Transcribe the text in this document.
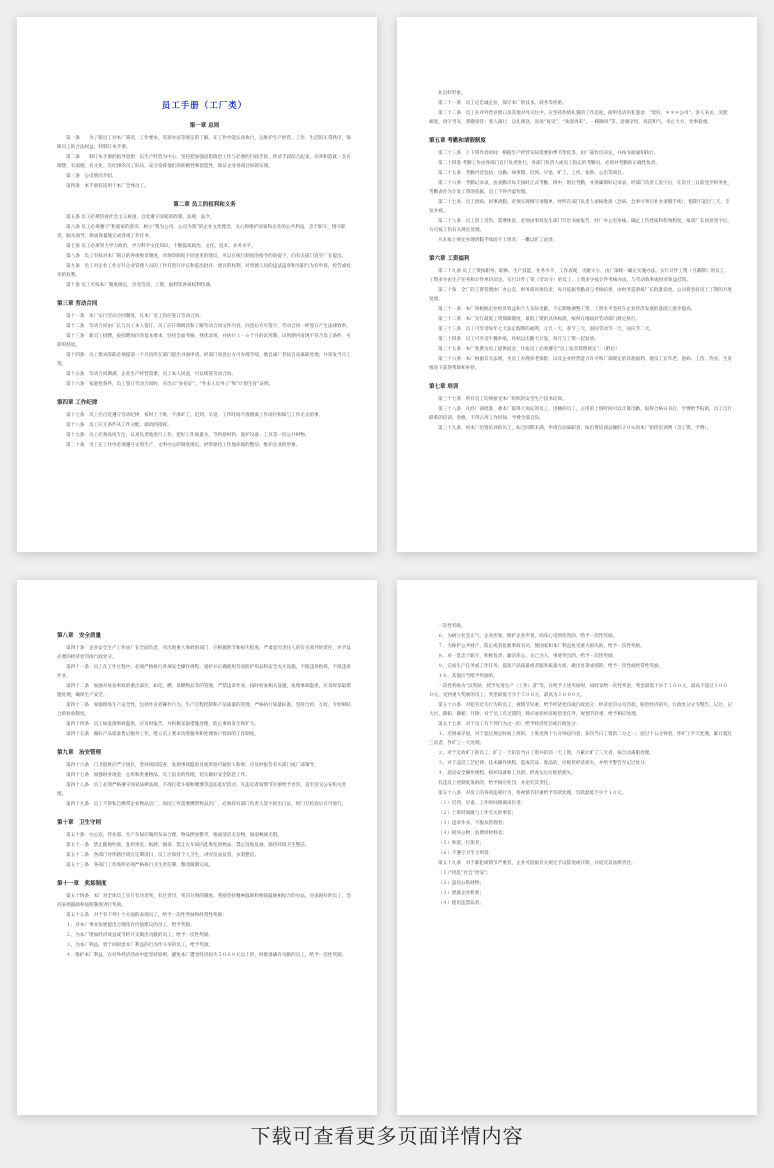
员工手册（工厂类）
第一章 总则
第一条　　为了使员工对本厂简况、工作要求、奖惩办法等规定的了解，在工作中能认真执行，以推护生产经营、工作、生活的正常秩序，保障员工的合法权益，特制订本手册。
第二条　　制订本手册的指导思想：以生产经营为中心，坚持把加强思想政治工作与必要的行政手段、经济手段结合起来，培养和造就一支有理想、有道德、有文化、有纪律的员工队伍，充分发挥他们的积极性和创造性，保证企业各项目标的实现。
第三条　公司情况介绍。
第四条　本手册仅适用于本厂全体员工。
第二章 员工的权利和义务
第五条 员工必须热爱社会主义祖国，自觉遵守国家的政策、法规、法令。
第六条 员工必须遵守“和爱家的意识，树立“我为公司，公司为我”的企业文化理念，关心和维护国家和企业的公共利益，忠于职守，恪守职责，服从领导，保质保量地完成各项工作任务。
第七条 员工必须努力学习政治，学习科学文化知识，不断提高政治、文化、技术、业务水平。
第八条　员工有权对本厂制订的各项规章制度，对现章制度不同意见的建议，可以在执行制度的指令的前提下，向有关部门直至厂长提出。
第九条　员工对企业工作方针企业管理人员的工作有进行评议和提出批评、建议的权利，对贤德人员的违法违章和失职行为有申诉、控告或检举的权利。
第十条 员工可按本厂制度规定，享受劳动、工资、福利等各项权利待遇。
第三章 劳动合同
第十一条　本厂实行劳动合同制度，凡本厂员工均应签订劳动合同。
第十二条　劳动合同由厂长与员工本人签订，员工应仔细阅读和了解劳动合同文件内容，同意后方可签字，劳动合同一经签订产生法律效率。
第十三条　新员工招聘，按招聘岗位的基本要求，坚持全面考核，择优录用，并执行３－６个月的试用期，试用期内发现不符合员工条件，可即时辞退。
第十四条　员工要求辞职必须提前一个月向所在部门提出书面申请，经部门同意后方可办理手续，擅自离厂者按自动离职处理，并扣发当月工资。
第十五条　劳动合同期满，企业生产经营需要，员工本人同意，可以续签劳动合同。
第十六条　家庭性条件，员工签订劳动合同时，应出示“身份证”、“外来人员务工”和“计划生育”证明。
第四章 工作纪律
第十七条　员工应自觉遵守劳动纪律，按时上下班，不准旷工，迟到、早退，工作时间不准擅离工作岗位和做与工作无关的事。
第十八条　员工应无条件从工作分配，调动的指挥。
第十九条　员工必须高度专注，认真负责地进行工作，把好工作质量关，节约原材料，爱护设备、工具等一切公共财物。
第二十条　员工在工作中必须遵守文明生产、文明办公的制度规定，经常保持工作地环境的整洁，维护企业的形象。
业良好形象。
第二十一条　员工应忠诚企业，保守本厂的技术、商务等机密。
第二十二条　员工在对外营业窗口及其他对外交往中，应坚持热情礼貌的工作态度，接听电话用礼貌语：“您好，＊＊＊公司”，客人来访，笑脸相迎，请字当先，恭敬接待；客人离行，以礼相送，说说“再见”、“欢迎再来”。一路顺风”等，语调亲切，说话和气，举止大方，处事稳重。
第五章 考勤和请假制度
第二十三条　上下班作息时间：根据生产经营实际需要和季节变化等，由厂部作出决定，并按书面通知执行。
第二十四条 考勤工作由各部门自行负责进行，各部门负责人或员工指定的考勤员，必须对考勤的正确性负责。
第二十五条　考勤内容包括：出勤、病事假、迟到、早退、旷工、工伤、加班、公出等项目。
第二十六条　考勤记录表，由表勤员每天按时正式考勤，班中，班后考勤，并准确填好记录表，经部门负责人签字后，在次月三日前送至财务处，考勤表作为计发工资的依据，员工不得弄虚作假。
第二十七条　员工因病、因事请假，必须实现填写请假单，经所在部门负责人审核批准（急病、急事可事后补办请假手续），假期不超过三天，专发并被。
第二十八条　员工因工受伤，需要休息，必须由事故发生部门写出书面报告，经厂办公室审核，确定工伤性质和伤残程度，报请厂长同意签字后，方可按工伤有关规定处理。
凡未按上规定办理请假手续而不上班者，一概以旷工论处。
第六章 工资福利
第二十九条 员工工资按职务、职称、生产技能、业务水平，工作表现，贡献大小，由厂部统一确定实施办法。实行计件工资（月薪制）的员工，工资多少由生产任务和计件单价决定，实行计件工资（劳动分）的员工，工资多少按计件考核办法，与劳动效率或经济效益挂钩。
第三十条　全厂的工资管理由厂办公室，财务部具体负责，每月依据考勤表与考核结果，由财务造册按厂长批准发放，公司将坚持员工工资的月度发放。
第三十一条　本厂将根据企业经济效益和个人实际贡献，不定期地调整工资，工资水平坚持在企业经济发展的基础上逐步提高。
第三十二条　本厂实行最低工资保障制度，最低工资的具体标准，按所在地政府劳动部门规定执行。
第三十三条　员工可享受每年七天法定假期的福利，元旦一天，春节三天，国际劳动节一天，国庆节二天。
第三十四条　员工可享受午餐补贴，补贴以出勤天计发，每月与工资一起发放。
第三十五条　本厂免费为员工提供宿舍，住宿员工必须遵守“员工宿舍管理规定”。（附后）
第三十六条　本厂根据有关法规，为员工办理养老保险，以及企业经营能力许可和厂部规定的其他福利，使员工在年老、患病、工伤、待业、生育情况下获得帮助和补偿。
第七章 培训
第三十七条　所有员工均须接受本厂组织的安全生产技术培训。
第三十八条　凡经厂部批准，委本厂取得上岗证的员工，进修的员工，占用的上班时间可以计算出勤，取得合格证书后，学费给予报销，员工自行联系的培训、进修，不得占用工作时间，学费全部自负。
第三十九条　经本厂出资培训的员工，如合同期未满，申请自动离职者，按出资培训总额的２０％向本厂赔偿培训费（含工资、学费）。
第八章　安全质量
第四十条　企业安全生产工作由厂长全面负责，对出现重大事故的部门，应根据情节和损失程度，严肃追究责任人的有关领导的责任，并予以必要的经济处罚或行政处分。
第四十一条　员工在工作过程中，必须严格执行各项安全操作规程，爱护并正确使用劳动防护用品和安全灭火设施，不准违章指挥，不准违章作业。
第四十二条　加强对易发事故的重点部位，如电、燃、易燃物品等的管理，严禁违章作业，按时检查相关设施，发现事故隐患，应及时采取措施处理，确保生产安全。
第四十三条　加强现场生产安全性，包括作业者操作行为、生产过程控制和产品质量的管理，严格执行质量标准，坚持自检、互检、专检相结合的检验制度。
第四十四条　员工如发现事故隐患，应及时报告，并积极采取措施处理，防止事故发生和扩大。
第四十五条　做好产品质量售后服务工作，建立员工要求改进服务和处理客户投诉的工作制度。
第九章　治安管理
第四十六条　门卫值班应严守岗位，坚持夜间巡查，发现事故隐患及或形迹可疑的人和事，应及时报告有关部门或厂部领导。
第四十七条　加强财务现金、仓库和贵重物品、员工宿舍的管理，切实做好安全防范工作。
第四十八条　员工必须严格遵守国家法律法规，不准打架斗殴和赌博等违法乱纪活动，凡违反者按情节轻重给予处罚，直至送交公安机关处理。
第四十九条　员工不得私自携带企业物品出厂，如因工作需要携带物品出厂，必须持有部门负责人签字的出门证，经门卫检查后方可放行。
第十章　卫生守则
第五十条　办公室、营业部、生产车间应做到布局合理，物品摆放整齐，地面清洁无杂物，通道畅通无阻。
第五十一条　禁止随地吐痰、乱扔果皮、纸屑、烟蒂、禁止在车间内乱堆乱放物品，禁止乱贴乱画，保持环境卫生整洁。
第五十二条　各部门对所辖区域应定期清扫，员工应保持个人卫生，讲究仪表仪容，衣着整洁。
第五十三条　各部门工作场所必须严格执行卫生责任制，整改限期完成。
第十一章　奖惩制度
第五十四条　本厂对全体员工实行有功者奖，有过者罚，奖罚分明的制度。奖励坚持精神鼓励和物质鼓励相结合的办法，对表现好的员工，坚持表扬鼓励和按照制度进行奖励。
第五十五条　对于有下列十个方面的表现员工，给予一次性奖励和经常性奖励：
１、对本厂事业发展提出合理化有价值建议的员工，给予奖励。
２、为本厂增加经济效益或节约开支做出贡献的员工，给予一次性奖励。
３、为本厂利益，勇于同损害本厂利益的行为作斗争的员工，给予奖励。
４、维护本厂利益，在对外经济活动中能坚持原则，避免本厂遭受经济损失５０００元以上的，经批准确有贡献的员工，给予一次性奖励。
一次性奖励。
６、为树立社会正气，企业形象，维护企业声誉，尚身心受到伤害的，给予一次性奖励。
７、为保护公共财产，防止或者抢救事故有功，使国家和本厂利益免受重大损失的，给予一次性奖励。
８、对一贯忠于职守，积极负责、廉洁奉公、舍己为人，事迹突出的，给予一次性奖励。
９、完成生产任务或工作任务，提高产品质量或者服务质量方面，做出显著成绩的，给予一次性或经常性奖励。
１０、其他应当给予奖励的。
一次性奖励为“以奖励，授予先进生产（工作）者”等，在给予上述奖励时，同时发给一次性奖金，奖金最低不少于１００元，最高不超过１０００元，受到重大奖励的员工，奖金最低不少于５００元，最高为１０００元。
第五十六条　对犯有过失行为的员工，视情节轻重，给予经济处罚或行政处分，经济处罚分为罚款，赔偿经济损失，行政处分分为警告、记过、记大过、降职、降薪、开除，对于员工有过错的，除应承担经济赔偿责任外，视情节轻重，给予相应处理。
第五十七条　对于员工有下列行为之一的，给予经济处罚或行政处分：
１、迟到或早退，对于超过规定时间上班的，上班迟到十五分钟以内者，扣罚当日工资的二分之一；超过十五分钟者，作旷工半天处理，累计超过三次者，作旷工一天处理。
２、对于无故旷工的员工，旷工一天扣罚当日工资并扣罚一天工资，月累计旷工三天者，按自动离职处理。
３、对于违反工艺纪律、技术操作规程，造成次品、废品的，应赔偿经济损失，并给予警告至记过处分。
４、违反安全操作规程，损坏设备和工具的，经查实后应赔偿损失。
有违反上述制度条款的，给予相应处罚，并追究其责任。
第五十八条　对员工的各项违规行为，将视情节轻重给予罚款处理，罚款最低不少于１０元。
（１）迟到、早退、工作时间擅离岗位者；
（２）上班时间做与工作无关的事者；
（３）违章作业、不服从管理者；
（４）损坏公物、浪费原材料者；
（５）吵架、打架者；
（６）不遵守卫生守则者；
第五十九条　对于累犯或情节严重者，企业可依据有关规定予以辞退或开除，并追究其法律责任。
（１）”扰乱”社会”治安”；
（２）盗窃公私财物；
（３）泄露企业机密；
（４）使用违禁品者。
下载可查看更多页面详情内容
